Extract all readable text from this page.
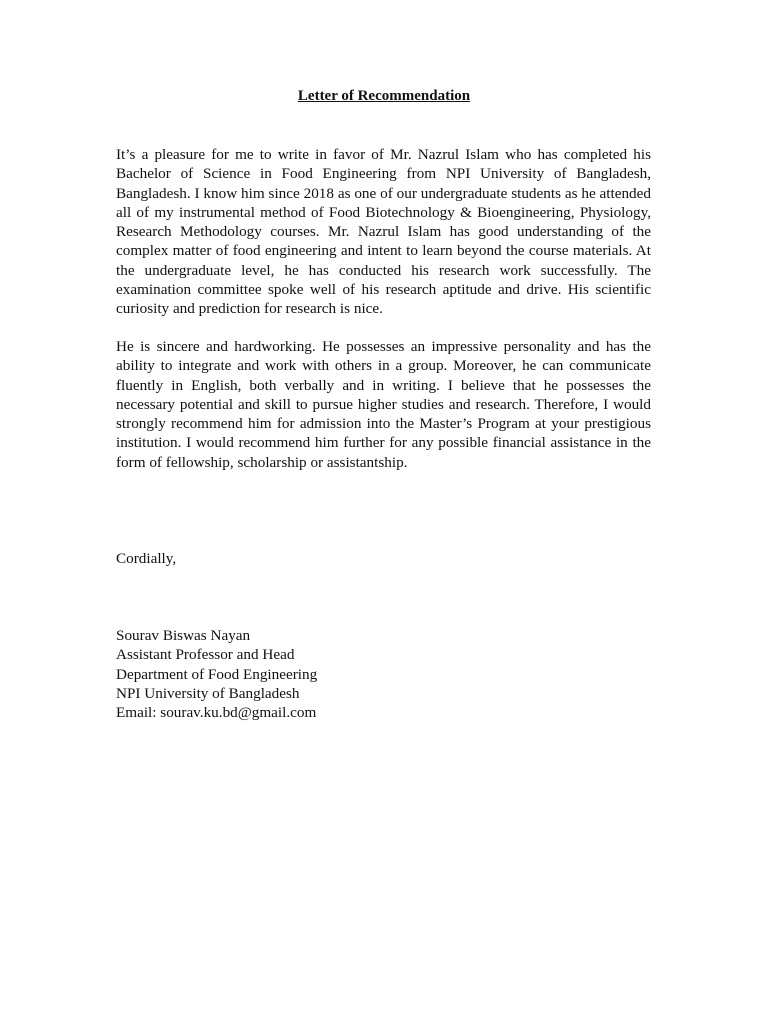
Letter of Recommendation

It’s a pleasure for me to write in favor of Mr. Nazrul Islam who has completed his Bachelor of Science in Food Engineering from NPI University of Bangladesh, Bangladesh. I know him since 2018 as one of our undergraduate students as he attended all of my instrumental method of Food Biotechnology & Bioengineering, Physiology, Research Methodology courses. Mr. Nazrul Islam has good understanding of the complex matter of food engineering and intent to learn beyond the course materials. At the undergraduate level, he has conducted his research work successfully. The examination committee spoke well of his research aptitude and drive. His scientific curiosity and prediction for research is nice.

He is sincere and hardworking. He possesses an impressive personality and has the ability to integrate and work with others in a group. Moreover, he can communicate fluently in English, both verbally and in writing. I believe that he possesses the necessary potential and skill to pursue higher studies and research. Therefore, I would strongly recommend him for admission into the Master’s Program at your prestigious institution. I would recommend him further for any possible financial assistance in the form of fellowship, scholarship or assistantship.

Cordially,

Sourav Biswas Nayan
Assistant Professor and Head
Department of Food Engineering
NPI University of Bangladesh
Email: sourav.ku.bd@gmail.com
